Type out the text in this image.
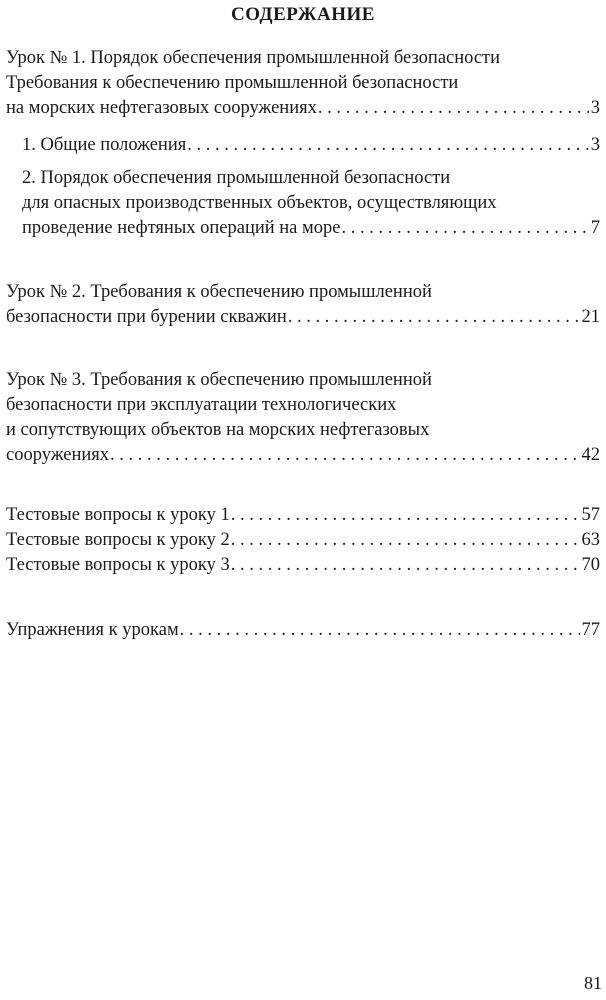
СОДЕРЖАНИЕ
Урок № 1. Порядок обеспечения промышленной безопасности
Требования к обеспечению промышленной безопасности
на морских нефтегазовых сооружениях . . .	3
1. Общие положения . . .	3
2. Порядок обеспечения промышленной безопасности
для опасных производственных объектов, осуществляющих
проведение нефтяных операций на море . . .	7
Урок № 2. Требования к обеспечению промышленной
безопасности при бурении скважин . . .	21
Урок № 3. Требования к обеспечению промышленной
безопасности при эксплуатации технологических
и сопутствующих объектов на морских нефтегазовых
сооружениях . . .	42
Тестовые вопросы к уроку 1 . . .	57
Тестовые вопросы к уроку 2 . . .	63
Тестовые вопросы к уроку 3 . . .	70
Упражнения к урокам . . .	77
81
